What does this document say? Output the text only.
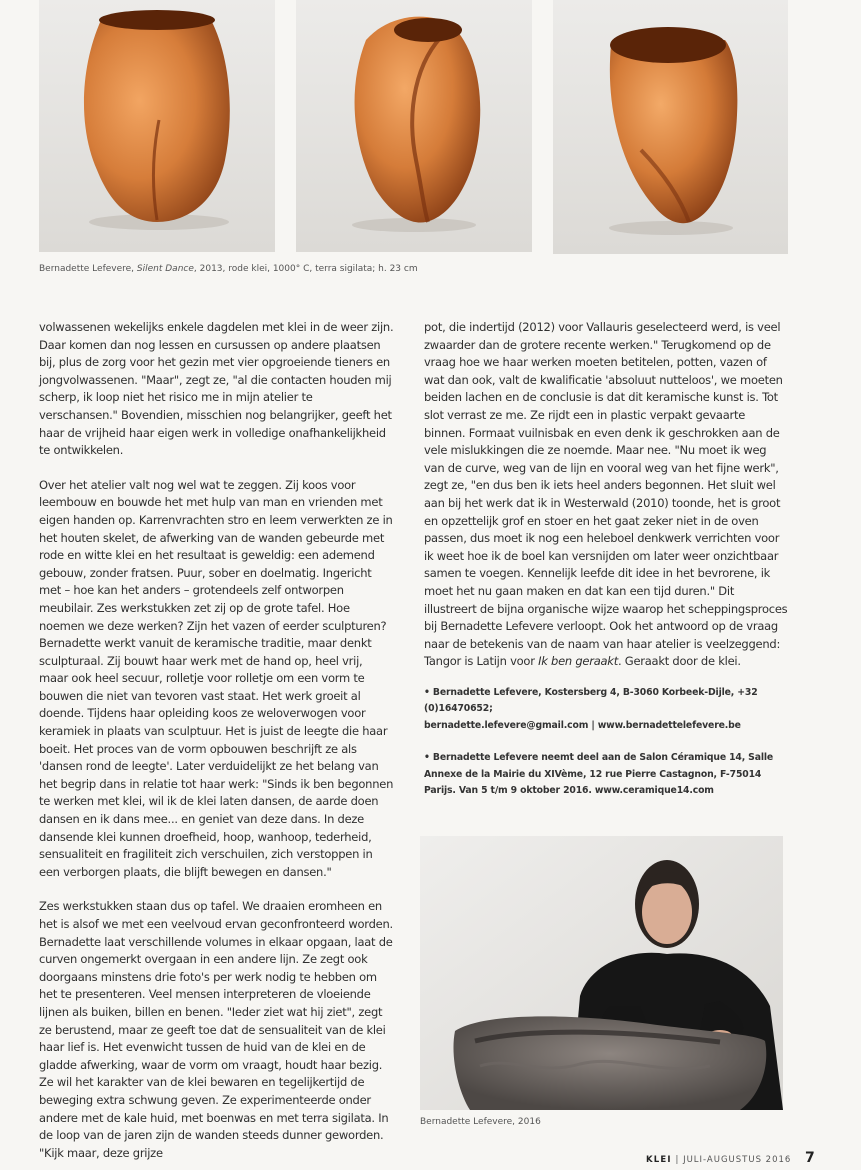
Bernadette Lefevere, Silent Dance, 2013, rode klei, 1000° C, terra sigilata; h. 23 cm

volwassenen wekelijks enkele dagdelen met klei in de weer zijn. Daar komen dan nog lessen en cursussen op andere plaatsen bij, plus de zorg voor het gezin met vier opgroeiende tieners en jongvolwassenen. "Maar", zegt ze, "al die contacten houden mij scherp, ik loop niet het risico me in mijn atelier te verschansen." Bovendien, misschien nog belangrijker, geeft het haar de vrijheid haar eigen werk in volledige onafhankelijkheid te ontwikkelen.

Over het atelier valt nog wel wat te zeggen. Zij koos voor leembouw en bouwde het met hulp van man en vrienden met eigen handen op. Karrenvrachten stro en leem verwerkten ze in het houten skelet, de afwerking van de wanden gebeurde met rode en witte klei en het resultaat is geweldig: een ademend gebouw, zonder fratsen. Puur, sober en doelmatig. Ingericht met – hoe kan het anders – grotendeels zelf ontworpen meubilair. Zes werkstukken zet zij op de grote tafel. Hoe noemen we deze werken? Zijn het vazen of eerder sculpturen? Bernadette werkt vanuit de keramische traditie, maar denkt sculpturaal. Zij bouwt haar werk met de hand op, heel vrij, maar ook heel secuur, rolletje voor rolletje om een vorm te bouwen die niet van tevoren vast staat. Het werk groeit al doende. Tijdens haar opleiding koos ze weloverwogen voor keramiek in plaats van sculptuur. Het is juist de leegte die haar boeit. Het proces van de vorm opbouwen beschrijft ze als 'dansen rond de leegte'. Later verduidelijkt ze het belang van het begrip dans in relatie tot haar werk: "Sinds ik ben begonnen te werken met klei, wil ik de klei laten dansen, de aarde doen dansen en ik dans mee... en geniet van deze dans. In deze dansende klei kunnen droefheid, hoop, wanhoop, tederheid, sensualiteit en fragiliteit zich verschuilen, zich verstoppen in een verborgen plaats, die blijft bewegen en dansen."

Zes werkstukken staan dus op tafel. We draaien eromheen en het is alsof we met een veelvoud ervan geconfronteerd worden. Bernadette laat verschillende volumes in elkaar opgaan, laat de curven ongemerkt overgaan in een andere lijn. Ze zegt ook doorgaans minstens drie foto's per werk nodig te hebben om het te presenteren. Veel mensen interpreteren de vloeiende lijnen als buiken, billen en benen. "Ieder ziet wat hij ziet", zegt ze berustend, maar ze geeft toe dat de sensualiteit van de klei haar lief is. Het evenwicht tussen de huid van de klei en de gladde afwerking, waar de vorm om vraagt, houdt haar bezig. Ze wil het karakter van de klei bewaren en tegelijkertijd de beweging extra schwung geven. Ze experimenteerde onder andere met de kale huid, met boenwas en met terra sigilata. In de loop van de jaren zijn de wanden steeds dunner geworden. "Kijk maar, deze grijze

pot, die indertijd (2012) voor Vallauris geselecteerd werd, is veel zwaarder dan de grotere recente werken." Terugkomend op de vraag hoe we haar werken moeten betitelen, potten, vazen of wat dan ook, valt de kwalificatie 'absoluut nutteloos', we moeten beiden lachen en de conclusie is dat dit keramische kunst is. Tot slot verrast ze me. Ze rijdt een in plastic verpakt gevaarte binnen. Formaat vuilnisbak en even denk ik geschrokken aan de vele mislukkingen die ze noemde. Maar nee. "Nu moet ik weg van de curve, weg van de lijn en vooral weg van het fijne werk", zegt ze, "en dus ben ik iets heel anders begonnen. Het sluit wel aan bij het werk dat ik in Westerwald (2010) toonde, het is groot en opzettelijk grof en stoer en het gaat zeker niet in de oven passen, dus moet ik nog een heleboel denkwerk verrichten voor ik weet hoe ik de boel kan versnijden om later weer onzichtbaar samen te voegen. Kennelijk leefde dit idee in het bevrorene, ik moet het nu gaan maken en dat kan een tijd duren." Dit illustreert de bijna organische wijze waarop het scheppingsproces bij Bernadette Lefevere verloopt. Ook het antwoord op de vraag naar de betekenis van de naam van haar atelier is veelzeggend: Tangor is Latijn voor Ik ben geraakt. Geraakt door de klei.

• Bernadette Lefevere, Kostersberg 4, B-3060 Korbeek-Dijle, +32 (0)16470652;
bernadette.lefevere@gmail.com | www.bernadettelefevere.be
• Bernadette Lefevere neemt deel aan de Salon Céramique 14, Salle Annexe de la Mairie du XIVème, 12 rue Pierre Castagnon, F-75014 Parijs. Van 5 t/m 9 oktober 2016. www.ceramique14.com
Bernadette Lefevere, 2016
KLEI | JULI-AUGUSTUS 2016 7
